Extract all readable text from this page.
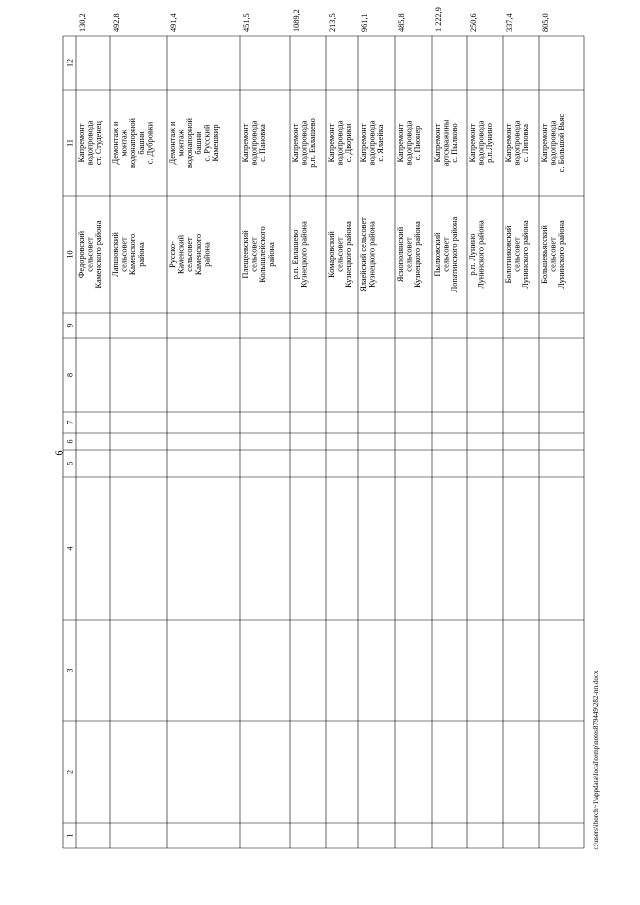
6
c:\users\iborch~1\appdata\local\temp\notes879449\282-пп.docx
1
2
3
4
5
6
7
8
9
10
11
12
Федоровский сельсовет Каменского района
Капремонт водопровода ст. Студенец
130,2
Лапшовский сельсовет Каменского района
Демонтаж и монтаж водонапорной башни с. Дубровки
492,8
Русско- Каменский сельсовет Каменского района
Демонтаж и монтаж водонапорной башни с. Русский Камешкир
491,4
Плещеевский сельсовет Колышлейского района
Капремонт водопровода с. Пановка
451,5
р.п. Евлашево Кузнецкого района
Капремонт водопровода р.п. Евлашево
1089,2
Комаровский сельсовет Кузнецкого района
Капремонт водопровода с. Дворики
213,5
Ялаейский сельсовет Кузнецкого района
Капремонт водопровода с. Ялаейка
961,1
Яснополянский сельсовет Кузнецкого района
Капремонт водопровода с. Пионер
485,8
Пылковский сельсовет Лопатинского района
Капремонт артскважины с. Пылково
1 222,9
р.п. Лунино Лунинского района
Капремонт водопровода р.п.Лунино
250,6
Болотниковский сельсовет Лунинского района
Капремонт водопровода с. Липовка
337,4
Большевьясский сельсовет Лунинского района
Капремонт водопровода с. Большой Вьяс
805,0
